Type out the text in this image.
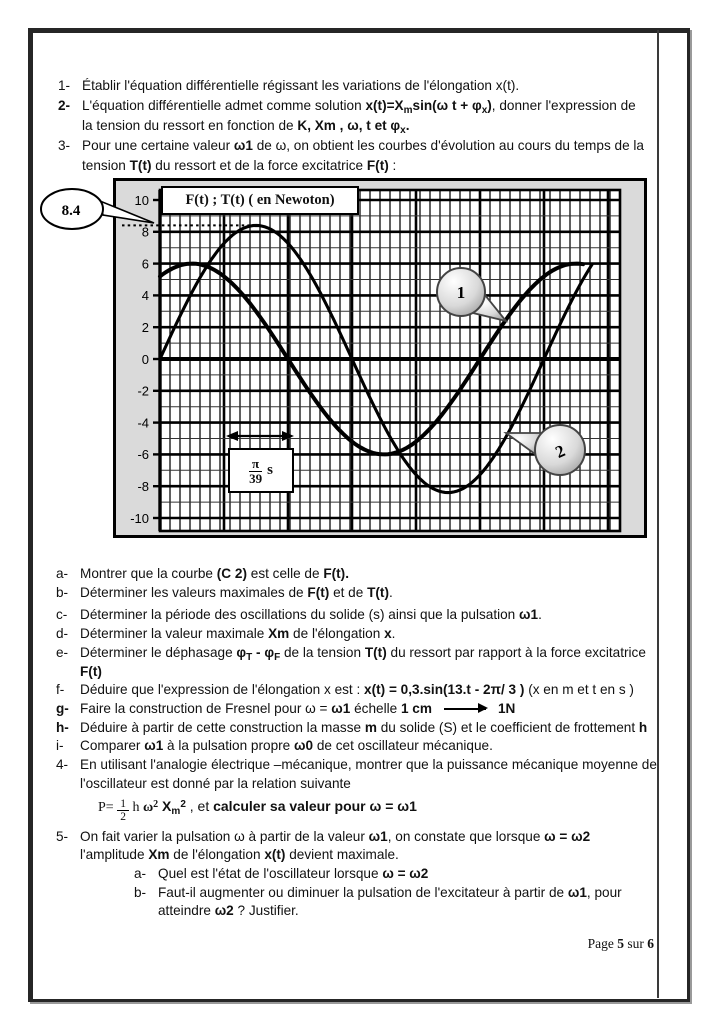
1- Établir l'équation différentielle régissant les variations de l'élongation x(t).
2- L'équation différentielle admet comme solution $x(t)=X_m\sin(\omega$ $t + \varphi_x$), donner l'expression de la tension du ressort en fonction de K, Xm , ω, t et $\varphi_x$.
3- Pour une certaine valeur ω1 de ω, on obtient les courbes d'évolution au cours du temps de la tension T(t) du ressort et de la force excitatrice F(t) :
10
8
6
4
2
0
-2
-4
-6
-8
-10
1
2
F(t) ; T(t) ( en Newoton)
$\frac{\pi}{39}$ s
8.4
a- Montrer que la courbe (C 2) est celle de F(t).
b- Déterminer les valeurs maximales de F(t) et de T(t).
c- Déterminer la période des oscillations du solide (s) ainsi que la pulsation ω1.
d- Déterminer la valeur maximale Xm de l'élongation x.
e- Déterminer le déphasage $\varphi_T - \varphi_F$ de la tension T(t) du ressort par rapport à la force excitatrice F(t)
f-	Déduire que l'expression de l'élongation x est : x(t) = 0,3.sin(13.t - 2π/ 3 ) (x en m et t en s )
g- Faire la construction de Fresnel pour ω = ω1 échelle 1 cm	1N
h- Déduire à partir de cette construction la masse m du solide (S) et le coefficient de frottement h
i-	Comparer ω1 à la pulsation propre ω0 de cet oscillateur mécanique.
4- En utilisant l'analogie électrique –mécanique, montrer que la puissance mécanique moyenne de l'oscillateur est donné par la relation suivante
$P= \frac{1}{2}$ h $\omega^2$ $X_m^2$ , et calculer sa valeur pour ω = ω1
5- On fait varier la pulsation ω à partir de la valeur ω1, on constate que lorsque ω = ω2 l'amplitude Xm de l'élongation x(t) devient maximale.
a- Quel est l'état de l'oscillateur lorsque ω = ω2
b- Faut-il augmenter ou diminuer la pulsation de l'excitateur à partir de ω1, pour atteindre ω2 ? Justifier.
Page 5 sur 6
